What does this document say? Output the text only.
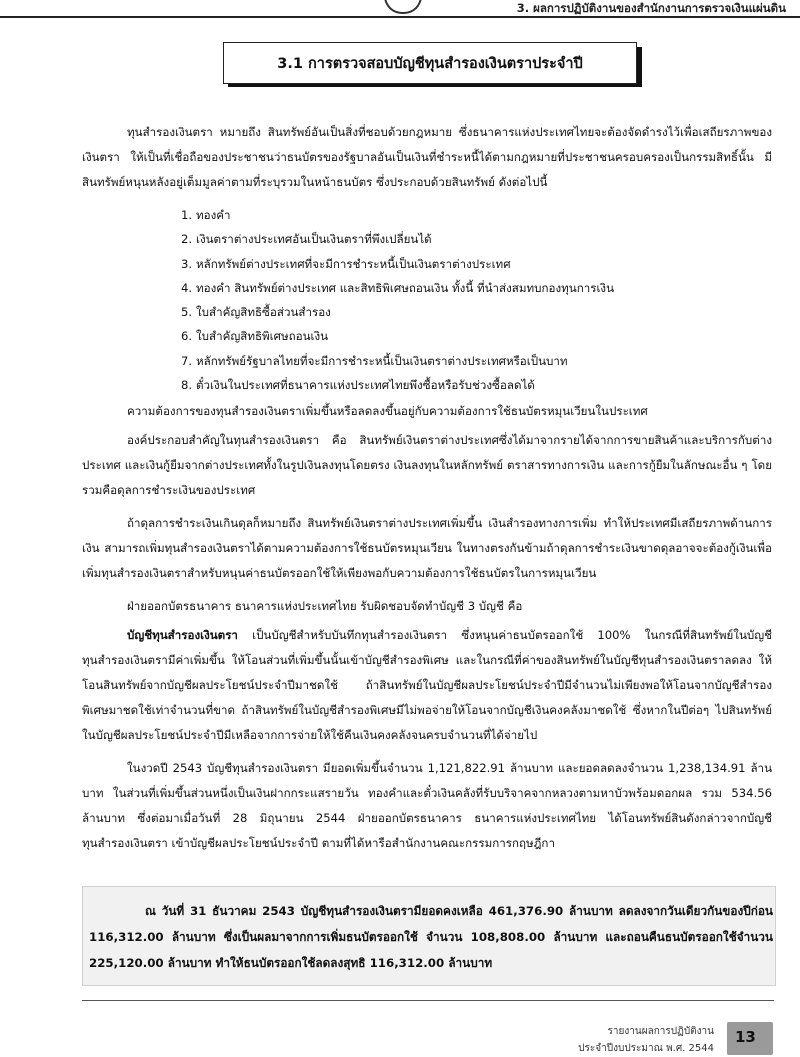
3. ผลการปฏิบัติงานของสำนักงานการตรวจเงินแผ่นดิน
3.1 การตรวจสอบบัญชีทุนสำรองเงินตราประจำปี

ทุนสำรองเงินตรา หมายถึง สินทรัพย์อันเป็นสิ่งที่ชอบด้วยกฎหมาย ซึ่งธนาคารแห่งประเทศไทยจะต้องจัดดำรงไว้เพื่อเสถียรภาพของเงินตรา ให้เป็นที่เชื่อถือของประชาชนว่าธนบัตรของรัฐบาลอันเป็นเงินที่ชำระหนี้ได้ตามกฎหมายที่ประชาชนครอบครองเป็นกรรมสิทธิ์นั้น มีสินทรัพย์หนุนหลังอยู่เต็มมูลค่าตามที่ระบุรวมในหน้าธนบัตร ซึ่งประกอบด้วยสินทรัพย์ ดังต่อไปนี้

1. ทองคำ
2. เงินตราต่างประเทศอันเป็นเงินตราที่พึงเปลี่ยนได้
3. หลักทรัพย์ต่างประเทศที่จะมีการชำระหนี้เป็นเงินตราต่างประเทศ
4. ทองคำ สินทรัพย์ต่างประเทศ และสิทธิพิเศษถอนเงิน ทั้งนี้ ที่นำส่งสมทบกองทุนการเงิน
5. ใบสำคัญสิทธิซื้อส่วนสำรอง
6. ใบสำคัญสิทธิพิเศษถอนเงิน
7. หลักทรัพย์รัฐบาลไทยที่จะมีการชำระหนี้เป็นเงินตราต่างประเทศหรือเป็นบาท
8. ตั๋วเงินในประเทศที่ธนาคารแห่งประเทศไทยพึงซื้อหรือรับช่วงซื้อลดได้

ความต้องการของทุนสำรองเงินตราเพิ่มขึ้นหรือลดลงขึ้นอยู่กับความต้องการใช้ธนบัตรหมุนเวียนในประเทศ

องค์ประกอบสำคัญในทุนสำรองเงินตรา คือ สินทรัพย์เงินตราต่างประเทศซึ่งได้มาจากรายได้จากการขายสินค้าและบริการกับต่างประเทศ และเงินกู้ยืมจากต่างประเทศทั้งในรูปเงินลงทุนโดยตรง เงินลงทุนในหลักทรัพย์ ตราสารทางการเงิน และการกู้ยืมในลักษณะอื่น ๆ โดยรวมคือดุลการชำระเงินของประเทศ

ถ้าดุลการชำระเงินเกินดุลก็หมายถึง สินทรัพย์เงินตราต่างประเทศเพิ่มขึ้น เงินสำรองทางการเพิ่ม ทำให้ประเทศมีเสถียรภาพด้านการเงิน สามารถเพิ่มทุนสำรองเงินตราได้ตามความต้องการใช้ธนบัตรหมุนเวียน ในทางตรงกันข้ามถ้าดุลการชำระเงินขาดดุลอาจจะต้องกู้เงินเพื่อเพิ่มทุนสำรองเงินตราสำหรับหนุนค่าธนบัตรออกใช้ให้เพียงพอกับความต้องการใช้ธนบัตรในการหมุนเวียน

ฝ่ายออกบัตรธนาคาร ธนาคารแห่งประเทศไทย รับผิดชอบจัดทำบัญชี 3 บัญชี คือ

บัญชีทุนสำรองเงินตรา เป็นบัญชีสำหรับบันทึกทุนสำรองเงินตรา ซึ่งหนุนค่าธนบัตรออกใช้ 100% ในกรณีที่สินทรัพย์ในบัญชีทุนสำรองเงินตรามีค่าเพิ่มขึ้น ให้โอนส่วนที่เพิ่มขึ้นนั้นเข้าบัญชีสำรองพิเศษ และในกรณีที่ค่าของสินทรัพย์ในบัญชีทุนสำรองเงินตราลดลง ให้โอนสินทรัพย์จากบัญชีผลประโยชน์ประจำปีมาชดใช้ ถ้าสินทรัพย์ในบัญชีผลประโยชน์ประจำปีมีจำนวนไม่เพียงพอให้โอนจากบัญชีสำรองพิเศษมาชดใช้เท่าจำนวนที่ขาด ถ้าสินทรัพย์ในบัญชีสำรองพิเศษมีไม่พอจ่ายให้โอนจากบัญชีเงินคงคลังมาชดใช้ ซึ่งหากในปีต่อๆ ไปสินทรัพย์ในบัญชีผลประโยชน์ประจำปีมีเหลือจากการจ่ายให้ใช้คืนเงินคงคลังจนครบจำนวนที่ได้จ่ายไป

ในงวดปี 2543 บัญชีทุนสำรองเงินตรา มียอดเพิ่มขึ้นจำนวน 1,121,822.91 ล้านบาท และยอดลดลงจำนวน 1,238,134.91 ล้านบาท ในส่วนที่เพิ่มขึ้นส่วนหนึ่งเป็นเงินฝากกระแสรายวัน ทองคำและตั๋วเงินคลังที่รับบริจาคจากหลวงตามหาบัวพร้อมดอกผล รวม 534.56 ล้านบาท ซึ่งต่อมาเมื่อวันที่ 28 มิถุนายน 2544 ฝ่ายออกบัตรธนาคาร ธนาคารแห่งประเทศไทย ได้โอนทรัพย์สินดังกล่าวจากบัญชีทุนสำรองเงินตรา เข้าบัญชีผลประโยชน์ประจำปี ตามที่ได้หารือสำนักงานคณะกรรมการกฤษฎีกา

ณ วันที่ 31 ธันวาคม 2543 บัญชีทุนสำรองเงินตรามียอดคงเหลือ 461,376.90 ล้านบาท ลดลงจากวันเดียวกันของปีก่อน 116,312.00 ล้านบาท ซึ่งเป็นผลมาจากการเพิ่มธนบัตรออกใช้ จำนวน 108,808.00 ล้านบาท และถอนคืนธนบัตรออกใช้จำนวน 225,120.00 ล้านบาท ทำให้ธนบัตรออกใช้ลดลงสุทธิ 116,312.00 ล้านบาท

รายงานผลการปฏิบัติงาน
ประจำปีงบประมาณ พ.ศ. 2544
13
